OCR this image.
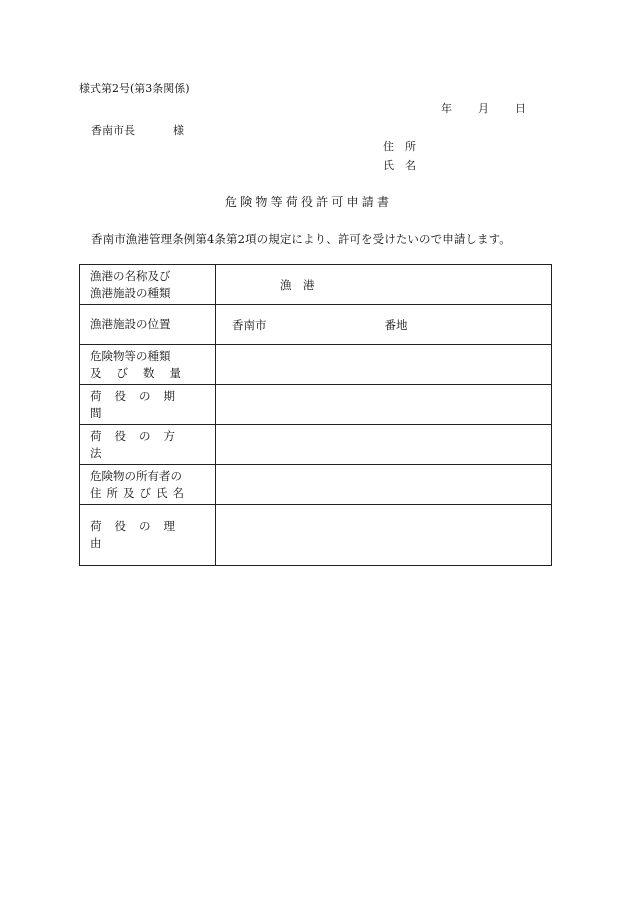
様式第2号(第3条関係)
年 月 日
香南市長	様
住　所
氏　名
危険物等荷役許可申請書
香南市漁港管理条例第4条第2項の規定により、許可を受けたいので申請します。
漁港の名称及び
漁港施設の種類	漁　港
漁港施設の位置	香南市 番地

危険物等の種類
及び数量	

荷役の期間	
荷役の方法	

危険物の所有者の
住所及び氏名	

荷役の理由	
